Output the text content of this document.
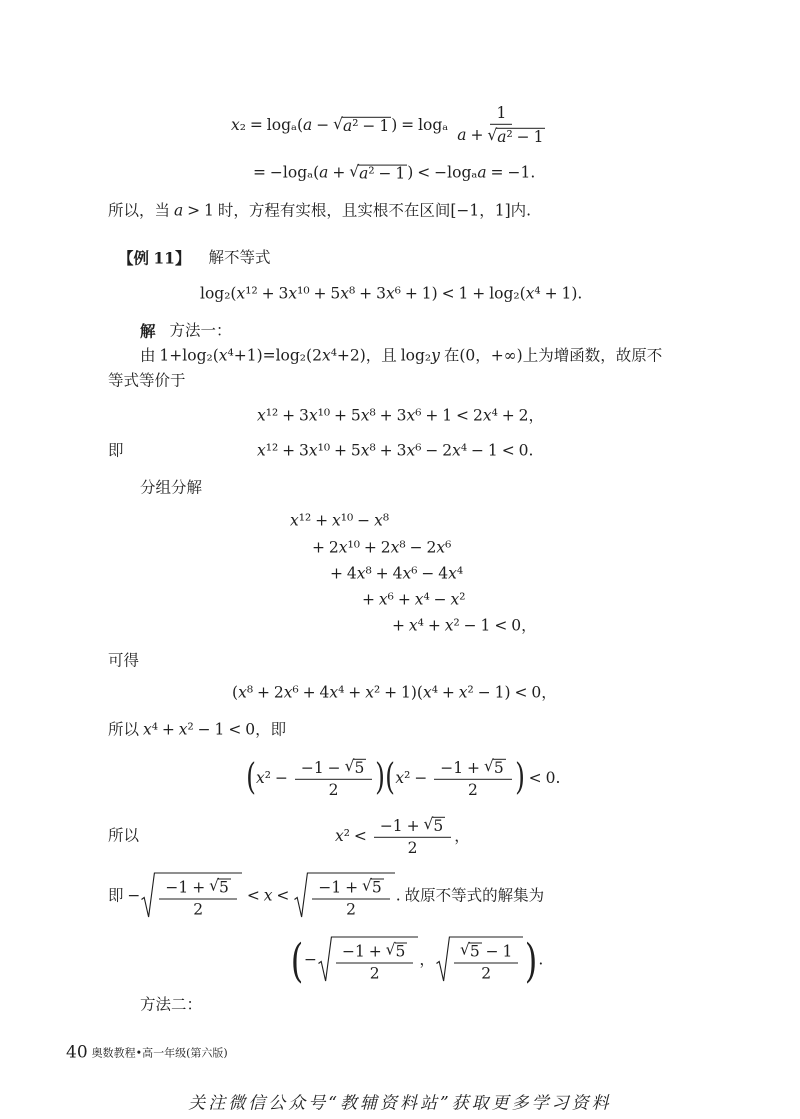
x₂ = logₐ(a − √ a² − 1 ) = logₐ $\frac{1}{\text{a + √ a² − 1}}$
= −logₐ(a + √ a² − 1 ) < −logₐa = −1.
所以，当 a > 1 时，方程有实根，且实根不在区间[−1，1]内.
【例 11】 解不等式
log₂(x¹² + 3x¹⁰ + 5x⁸ + 3x⁶ + 1) < 1 + log₂(x⁴ + 1).
解 方法一：
由 1+log₂(x⁴+1)=log₂(2x⁴+2)，且 log₂y 在(0，+∞)上为增函数，故原不
等式等价于
x¹² + 3x¹⁰ + 5x⁸ + 3x⁶ + 1 < 2x⁴ + 2，
即	x¹² + 3x¹⁰ + 5x⁸ + 3x⁶ − 2x⁴ − 1 < 0.
分组分解
x¹² + x¹⁰ − x⁸
+ 2x¹⁰ + 2x⁸ − 2x⁶
+ 4x⁸ + 4x⁶ − 4x⁴
+ x⁶ + x⁴ − x²
+ x⁴ + x² − 1 < 0，
可得
(x⁸ + 2x⁶ + 4x⁴ + x² + 1)(x⁴ + x² − 1) < 0，
所以 x⁴ + x² − 1 < 0，即
( $x^2 - \frac{-1 - √ 5}{2}$ ) ( $x^2 - \frac{-1 + √ 5}{2}$ ) < 0.
所以	$x^2 < \frac{-1 + √ 5}{2}$ ，
即 − $\frac{-1 + √ 5}{2} < x < \frac{-1 + √ 5}{2}$ . 故原不等式的解集为
( − $\frac{-1 + √ 5}{2}$ ， $\frac{√ 5 - 1}{2}$ ) .
方法二：
40 奥数教程•高一年级(第六版)
关注微信公众号“教辅资料站”获取更多学习资料
